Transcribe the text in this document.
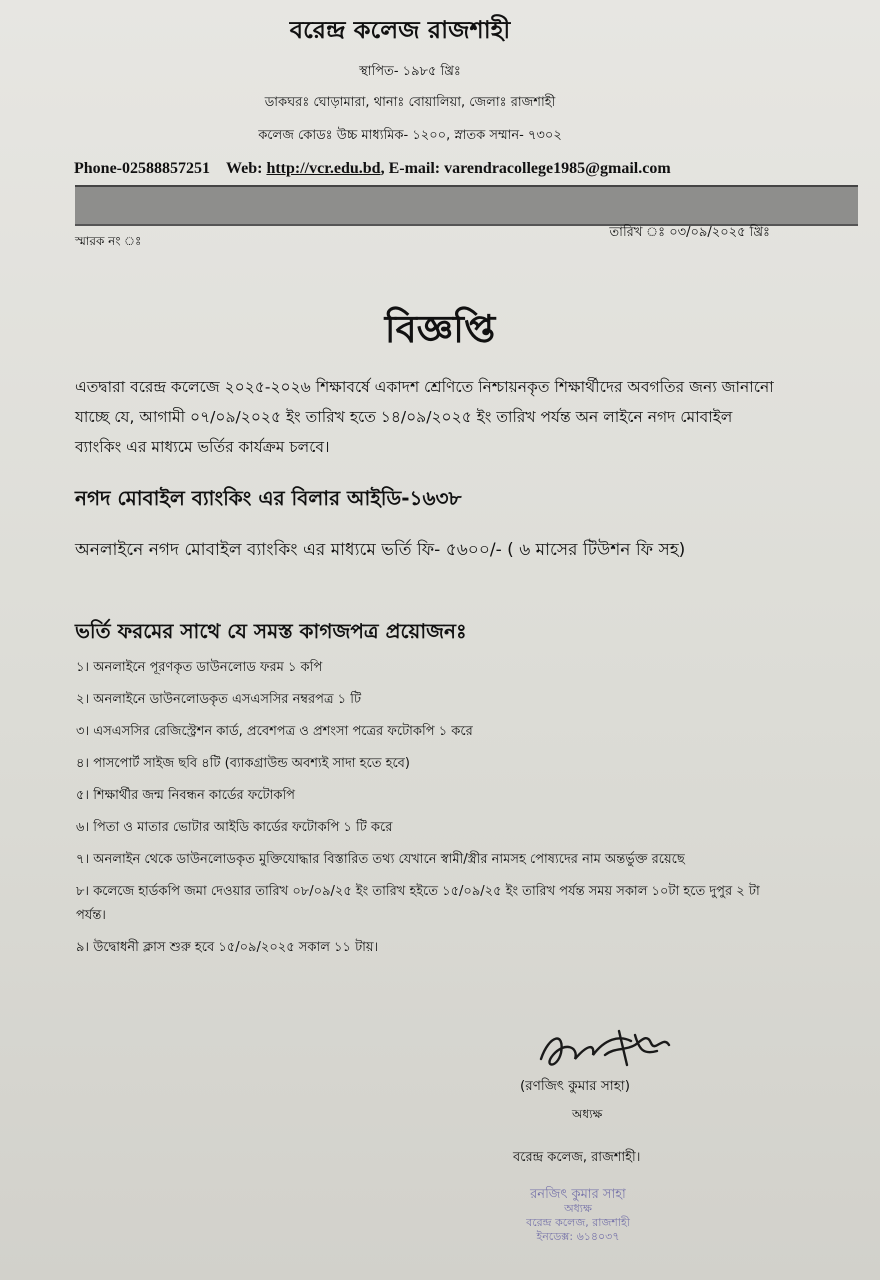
বরেন্দ্র কলেজ রাজশাহী
স্থাপিত- ১৯৮৫ খ্রিঃ
ডাকঘরঃ ঘোড়ামারা, থানাঃ বোয়ালিয়া, জেলাঃ রাজশাহী
কলেজ কোডঃ উচ্চ মাধ্যমিক- ১২০০, স্নাতক সম্মান- ৭৩০২
Phone-02588857251 Web: http://vcr.edu.bd, E-mail: varendracollege1985@gmail.com
স্মারক নং ঃ
তারিখ ঃ ০৩/০৯/২০২৫ খ্রিঃ
বিজ্ঞপ্তি
এতদ্বারা বরেন্দ্র কলেজে ২০২৫-২০২৬ শিক্ষাবর্ষে একাদশ শ্রেণিতে নিশ্চায়নকৃত শিক্ষার্থীদের অবগতির জন্য জানানো যাচ্ছে যে, আগামী ০৭/০৯/২০২৫ ইং তারিখ হতে ১৪/০৯/২০২৫ ইং তারিখ পর্যন্ত অন লাইনে নগদ মোবাইল ব্যাংকিং এর মাধ্যমে ভর্তির কার্যক্রম চলবে।
নগদ মোবাইল ব্যাংকিং এর বিলার আইডি-১৬৩৮
অনলাইনে নগদ মোবাইল ব্যাংকিং এর মাধ্যমে ভর্তি ফি- ৫৬০০/- ( ৬ মাসের টিউশন ফি সহ)
ভর্তি ফরমের সাথে যে সমস্ত কাগজপত্র প্রয়োজনঃ
১। অনলাইনে পূরণকৃত ডাউনলোড ফরম ১ কপি
২। অনলাইনে ডাউনলোডকৃত এসএসসির নম্বরপত্র ১ টি
৩। এসএসসির রেজিস্ট্রেশন কার্ড, প্রবেশপত্র ও প্রশংসা পত্রের ফটোকপি ১ করে
৪। পাসপোর্ট সাইজ ছবি ৪টি (ব্যাকগ্রাউন্ড অবশ্যই সাদা হতে হবে)
৫। শিক্ষার্থীর জন্ম নিবন্ধন কার্ডের ফটোকপি
৬। পিতা ও মাতার ভোটার আইডি কার্ডের ফটোকপি ১ টি করে
৭। অনলাইন থেকে ডাউনলোডকৃত মুক্তিযোদ্ধার বিস্তারিত তথ্য যেখানে স্বামী/স্ত্রীর নামসহ পোষ্যদের নাম অন্তর্ভুক্ত রয়েছে
৮। কলেজে হার্ডকপি জমা দেওয়ার তারিখ ০৮/০৯/২৫ ইং তারিখ হইতে ১৫/০৯/২৫ ইং তারিখ পর্যন্ত সময় সকাল ১০টা হতে দুপুর ২ টা পর্যন্ত।
৯। উদ্বোধনী ক্লাস শুরু হবে ১৫/০৯/২০২৫ সকাল ১১ টায়।
(রণজিৎ কুমার সাহা)
অধ্যক্ষ
বরেন্দ্র কলেজ, রাজশাহী।
রনজিৎ কুমার সাহা
অধ্যক্ষ
বরেন্দ্র কলেজ, রাজশাহী
ইনডেক্স: ৬১৪০৩৭
